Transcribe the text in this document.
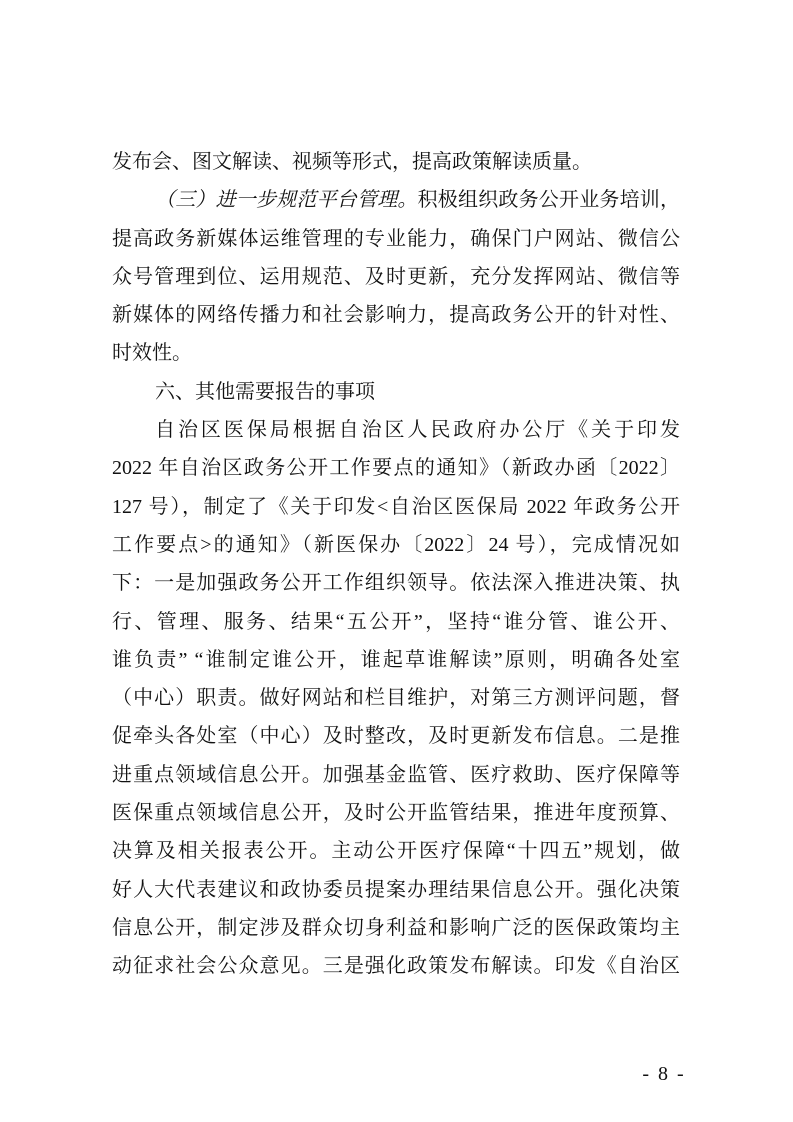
发布会、图文解读、视频等形式，提高政策解读质量。
（三）进一步规范平台管理。积极组织政务公开业务培训，
提高政务新媒体运维管理的专业能力，确保门户网站、微信公
众号管理到位、运用规范、及时更新，充分发挥网站、微信等
新媒体的网络传播力和社会影响力，提高政务公开的针对性、
时效性。
六、其他需要报告的事项
自治区医保局根据自治区人民政府办公厅《关于印发
2022 年自治区政务公开工作要点的通知》（新政办函〔2022〕
127 号），制定了《关于印发<自治区医保局 2022 年政务公开
工作要点>的通知》（新医保办〔2022〕24 号），完成情况如
下：一是加强政务公开工作组织领导。依法深入推进决策、执
行、管理、服务、结果“五公开”，坚持“谁分管、谁公开、
谁负责” “谁制定谁公开，谁起草谁解读”原则，明确各处室
（中心）职责。做好网站和栏目维护，对第三方测评问题，督
促牵头各处室（中心）及时整改，及时更新发布信息。二是推
进重点领域信息公开。加强基金监管、医疗救助、医疗保障等
医保重点领域信息公开，及时公开监管结果，推进年度预算、
决算及相关报表公开。主动公开医疗保障“十四五”规划，做
好人大代表建议和政协委员提案办理结果信息公开。强化决策
信息公开，制定涉及群众切身利益和影响广泛的医保政策均主
动征求社会公众意见。三是强化政策发布解读。印发《自治区
- 8 -
